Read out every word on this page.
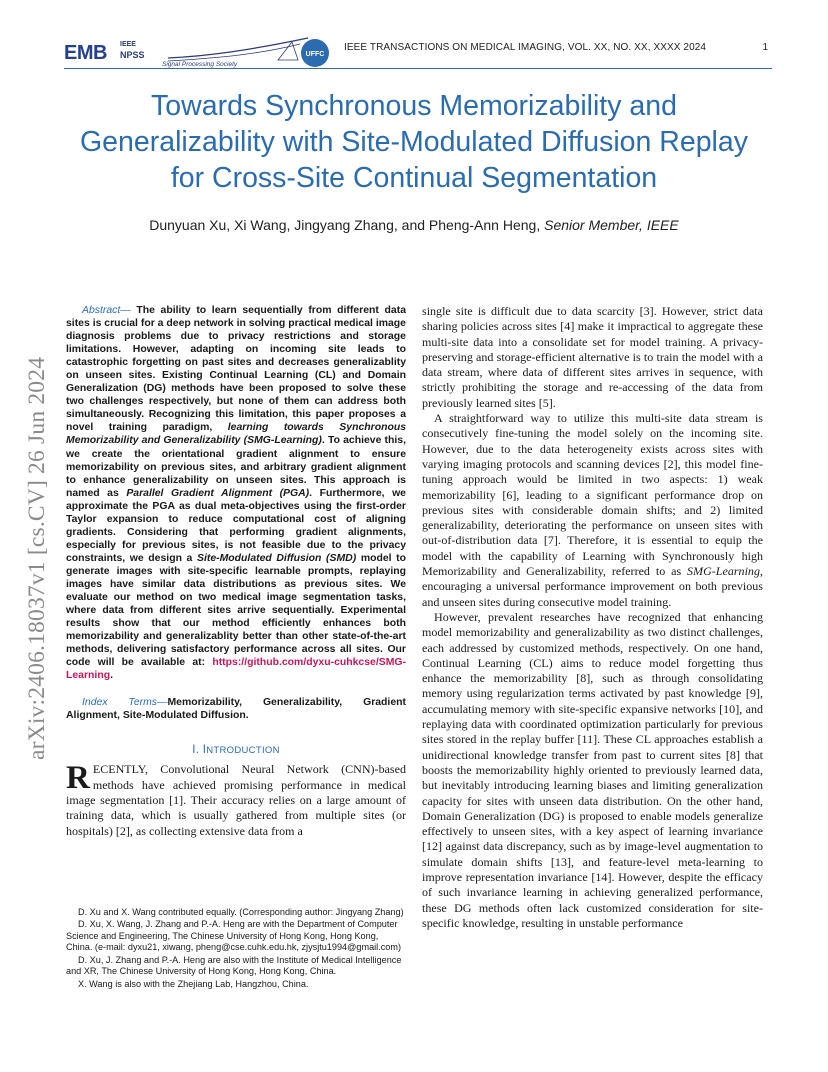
EMB IEEE
NPSS
Signal Processing Society
UFFC
IEEE TRANSACTIONS ON MEDICAL IMAGING, VOL. XX, NO. XX, XXXX 2024	1
Towards Synchronous Memorizability and Generalizability with Site-Modulated Diffusion Replay for Cross-Site Continual Segmentation
Dunyuan Xu, Xi Wang, Jingyang Zhang, and Pheng-Ann Heng, Senior Member, IEEE
arXiv:2406.18037v1 [cs.CV] 26 Jun 2024

Abstract— The ability to learn sequentially from different data sites is crucial for a deep network in solving practical medical image diagnosis problems due to privacy restrictions and storage limitations. However, adapting on incoming site leads to catastrophic forgetting on past sites and decreases generalizablity on unseen sites. Existing Continual Learning (CL) and Domain Generalization (DG) methods have been proposed to solve these two challenges respectively, but none of them can address both simultaneously. Recognizing this limitation, this paper proposes a novel training paradigm, learning towards Synchronous Memorizability and Generalizability (SMG-Learning). To achieve this, we create the orientational gradient alignment to ensure memorizability on previous sites, and arbitrary gradient alignment to enhance generalizability on unseen sites. This approach is named as Parallel Gradient Alignment (PGA). Furthermore, we approximate the PGA as dual meta-objectives using the first-order Taylor expansion to reduce computational cost of aligning gradients. Considering that performing gradient alignments, especially for previous sites, is not feasible due to the privacy constraints, we design a Site-Modulated Diffusion (SMD) model to generate images with site-specific learnable prompts, replaying images have similar data distributions as previous sites. We evaluate our method on two medical image segmentation tasks, where data from different sites arrive sequentially. Experimental results show that our method efficiently enhances both memorizability and generalizablity better than other state-of-the-art methods, delivering satisfactory performance across all sites. Our code will be available at: https://github.com/dyxu-cuhkcse/SMG-Learning.

Index Terms—Memorizability, Generalizability, Gradient Alignment, Site-Modulated Diffusion.

I. INTRODUCTION

RECENTLY, Convolutional Neural Network (CNN)-based methods have achieved promising performance in medical image segmentation [1]. Their accuracy relies on a large amount of training data, which is usually gathered from multiple sites (or hospitals) [2], as collecting extensive data from a

D. Xu and X. Wang contributed equally. (Corresponding author: Jingyang Zhang)

D. Xu, X. Wang, J. Zhang and P.-A. Heng are with the Department of Computer Science and Engineering, The Chinese University of Hong Kong, Hong Kong, China. (e-mail: dyxu21, xiwang, pheng@cse.cuhk.edu.hk, zjysjtu1994@gmail.com)

D. Xu, J. Zhang and P.-A. Heng are also with the Institute of Medical Intelligence and XR, The Chinese University of Hong Kong, Hong Kong, China.

X. Wang is also with the Zhejiang Lab, Hangzhou, China.

single site is difficult due to data scarcity [3]. However, strict data sharing policies across sites [4] make it impractical to aggregate these multi-site data into a consolidate set for model training. A privacy-preserving and storage-efficient alternative is to train the model with a data stream, where data of different sites arrives in sequence, with strictly prohibiting the storage and re-accessing of the data from previously learned sites [5].

A straightforward way to utilize this multi-site data stream is consecutively fine-tuning the model solely on the incoming site. However, due to the data heterogeneity exists across sites with varying imaging protocols and scanning devices [2], this model fine-tuning approach would be limited in two aspects: 1) weak memorizability [6], leading to a significant performance drop on previous sites with considerable domain shifts; and 2) limited generalizability, deteriorating the performance on unseen sites with out-of-distribution data [7]. Therefore, it is essential to equip the model with the capability of Learning with Synchronously high Memorizability and Generalizability, referred to as SMG-Learning, encouraging a universal performance improvement on both previous and unseen sites during consecutive model training.

However, prevalent researches have recognized that enhancing model memorizability and generalizability as two distinct challenges, each addressed by customized methods, respectively. On one hand, Continual Learning (CL) aims to reduce model forgetting thus enhance the memorizability [8], such as through consolidating memory using regularization terms activated by past knowledge [9], accumulating memory with site-specific expansive networks [10], and replaying data with coordinated optimization particularly for previous sites stored in the replay buffer [11]. These CL approaches establish a unidirectional knowledge transfer from past to current sites [8] that boosts the memorizability highly oriented to previously learned data, but inevitably introducing learning biases and limiting generalization capacity for sites with unseen data distribution. On the other hand, Domain Generalization (DG) is proposed to enable models generalize effectively to unseen sites, with a key aspect of learning invariance [12] against data discrepancy, such as by image-level augmentation to simulate domain shifts [13], and feature-level meta-learning to improve representation invariance [14]. However, despite the efficacy of such invariance learning in achieving generalized performance, these DG methods often lack customized consideration for site-specific knowledge, resulting in unstable performance
